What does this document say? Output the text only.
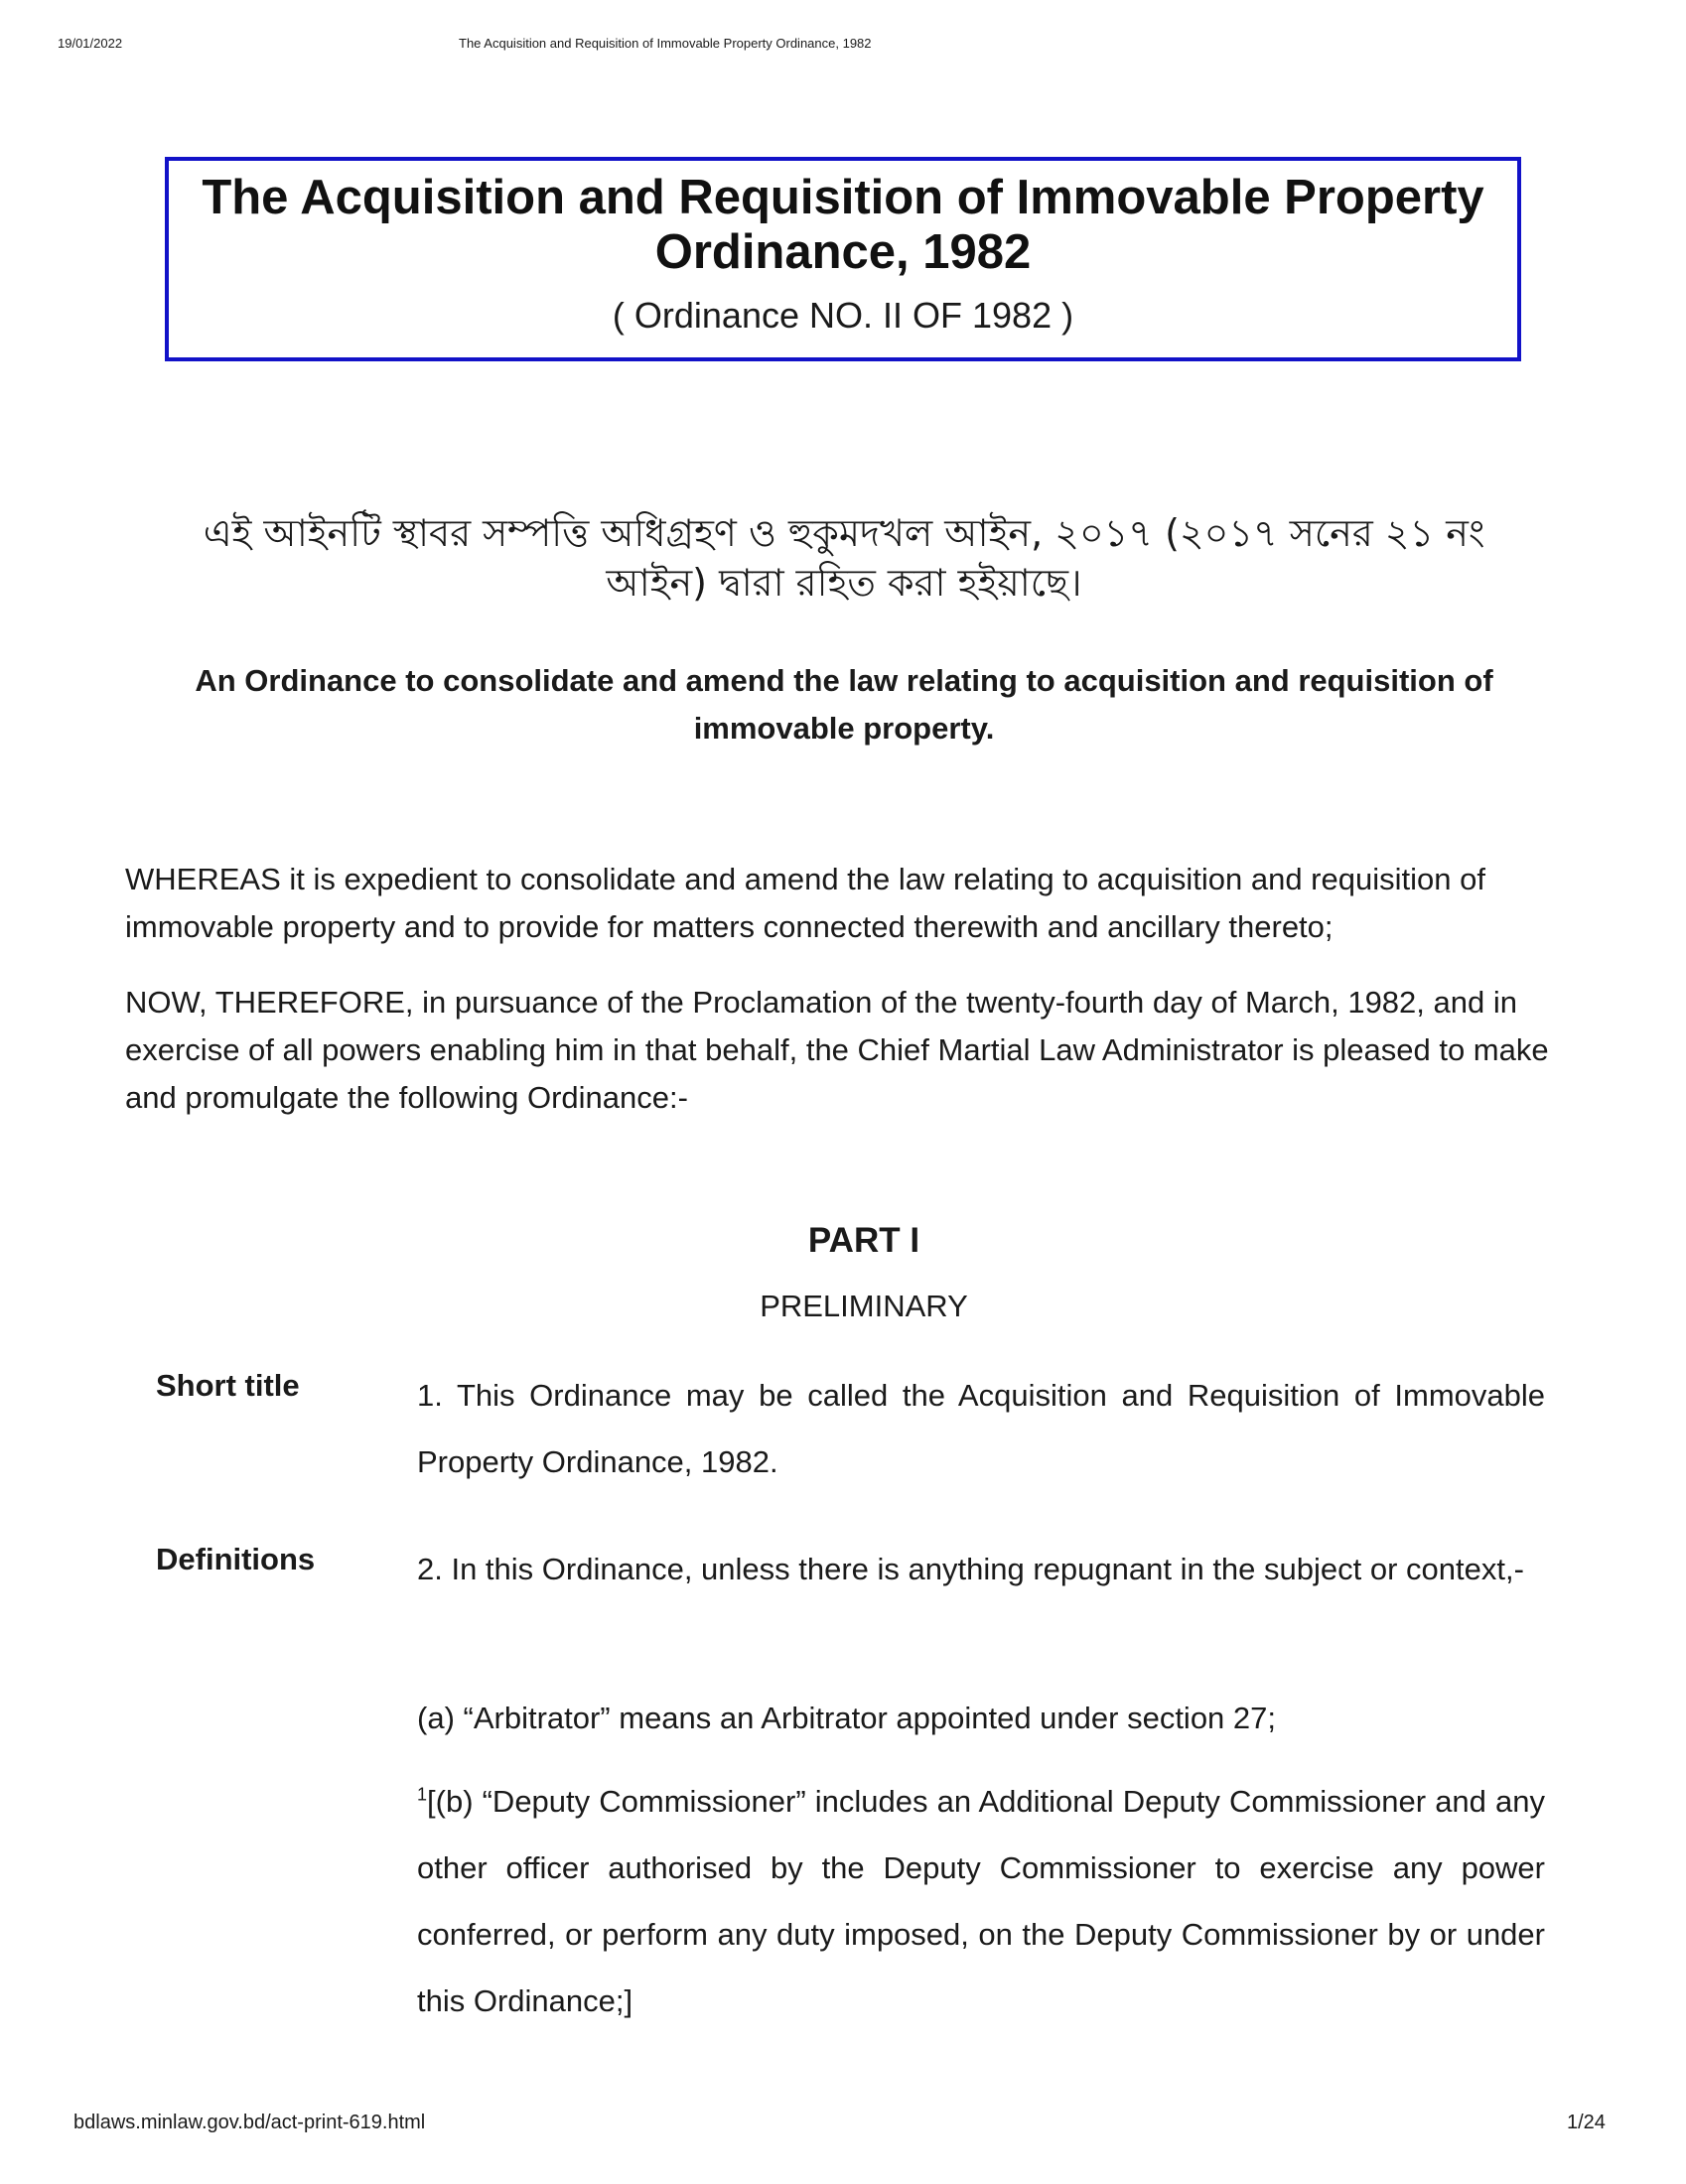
19/01/2022	The Acquisition and Requisition of Immovable Property Ordinance, 1982
The Acquisition and Requisition of Immovable Property Ordinance, 1982
( Ordinance NO. II OF 1982 )
এই আইনটি স্থাবর সম্পত্তি অধিগ্রহণ ও হুকুমদখল আইন, ২০১৭ (২০১৭ সনের ২১ নং আইন) দ্বারা রহিত করা হইয়াছে।
An Ordinance to consolidate and amend the law relating to acquisition and requisition of immovable property.
WHEREAS it is expedient to consolidate and amend the law relating to acquisition and requisition of immovable property and to provide for matters connected therewith and ancillary thereto;
NOW, THEREFORE, in pursuance of the Proclamation of the twenty-fourth day of March, 1982, and in exercise of all powers enabling him in that behalf, the Chief Martial Law Administrator is pleased to make and promulgate the following Ordinance:-
PART I
PRELIMINARY
Short title	1. This Ordinance may be called the Acquisition and Requisition of Immovable Property Ordinance, 1982.
Definitions	2. In this Ordinance, unless there is anything repugnant in the subject or context,-
(a) “Arbitrator” means an Arbitrator appointed under section 27;
$^1$[(b) “Deputy Commissioner” includes an Additional Deputy Commissioner and any other officer authorised by the Deputy Commissioner to exercise any power conferred, or perform any duty imposed, on the Deputy Commissioner by or under this Ordinance;]
bdlaws.minlaw.gov.bd/act-print-619.html	1/24
